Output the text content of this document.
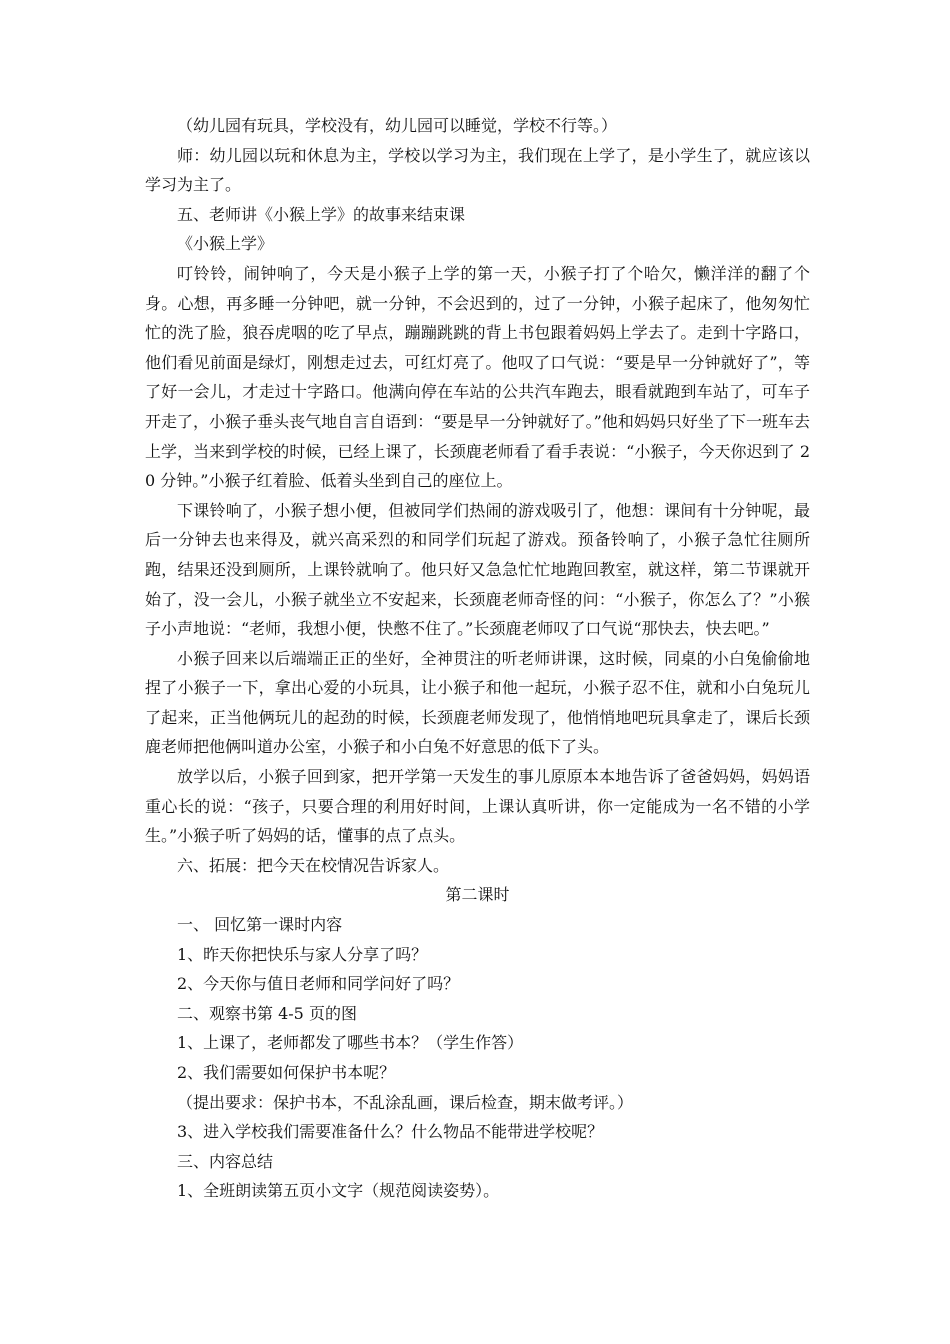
（幼儿园有玩具，学校没有，幼儿园可以睡觉，学校不行等。）

师：幼儿园以玩和休息为主，学校以学习为主，我们现在上学了，是小学生了，就应该以学习为主了。

五、老师讲《小猴上学》的故事来结束课

《小猴上学》

叮铃铃，闹钟响了，今天是小猴子上学的第一天，小猴子打了个哈欠，懒洋洋的翻了个身。心想，再多睡一分钟吧，就一分钟，不会迟到的，过了一分钟，小猴子起床了，他匆匆忙忙的洗了脸，狼吞虎咽的吃了早点，蹦蹦跳跳的背上书包跟着妈妈上学去了。走到十字路口，他们看见前面是绿灯，刚想走过去，可红灯亮了。他叹了口气说：“要是早一分钟就好了”，等了好一会儿，才走过十字路口。他满向停在车站的公共汽车跑去，眼看就跑到车站了，可车子开走了，小猴子垂头丧气地自言自语到：“要是早一分钟就好了。”他和妈妈只好坐了下一班车去上学，当来到学校的时候，已经上课了，长颈鹿老师看了看手表说：“小猴子，今天你迟到了 20 分钟。”小猴子红着脸、低着头坐到自己的座位上。

下课铃响了，小猴子想小便，但被同学们热闹的游戏吸引了，他想：课间有十分钟呢，最后一分钟去也来得及，就兴高采烈的和同学们玩起了游戏。预备铃响了，小猴子急忙往厕所跑，结果还没到厕所，上课铃就响了。他只好又急急忙忙地跑回教室，就这样，第二节课就开始了，没一会儿，小猴子就坐立不安起来，长颈鹿老师奇怪的问：“小猴子，你怎么了？”小猴子小声地说：“老师，我想小便，快憋不住了。”长颈鹿老师叹了口气说“那快去，快去吧。”

小猴子回来以后端端正正的坐好，全神贯注的听老师讲课，这时候，同桌的小白兔偷偷地捏了小猴子一下，拿出心爱的小玩具，让小猴子和他一起玩，小猴子忍不住，就和小白兔玩儿了起来，正当他俩玩儿的起劲的时候，长颈鹿老师发现了，他悄悄地吧玩具拿走了，课后长颈鹿老师把他俩叫道办公室，小猴子和小白兔不好意思的低下了头。

放学以后，小猴子回到家，把开学第一天发生的事儿原原本本地告诉了爸爸妈妈，妈妈语重心长的说：“孩子，只要合理的利用好时间，上课认真听讲，你一定能成为一名不错的小学生。”小猴子听了妈妈的话，懂事的点了点头。

六、拓展：把今天在校情况告诉家人。

第二课时

一、 回忆第一课时内容

1、昨天你把快乐与家人分享了吗？

2、今天你与值日老师和同学问好了吗？

二、观察书第 4-5 页的图

1、上课了，老师都发了哪些书本？（学生作答）

2、我们需要如何保护书本呢？

（提出要求：保护书本，不乱涂乱画，课后检查，期末做考评。）

3、进入学校我们需要准备什么？什么物品不能带进学校呢？

三、内容总结

1、全班朗读第五页小文字（规范阅读姿势）。
